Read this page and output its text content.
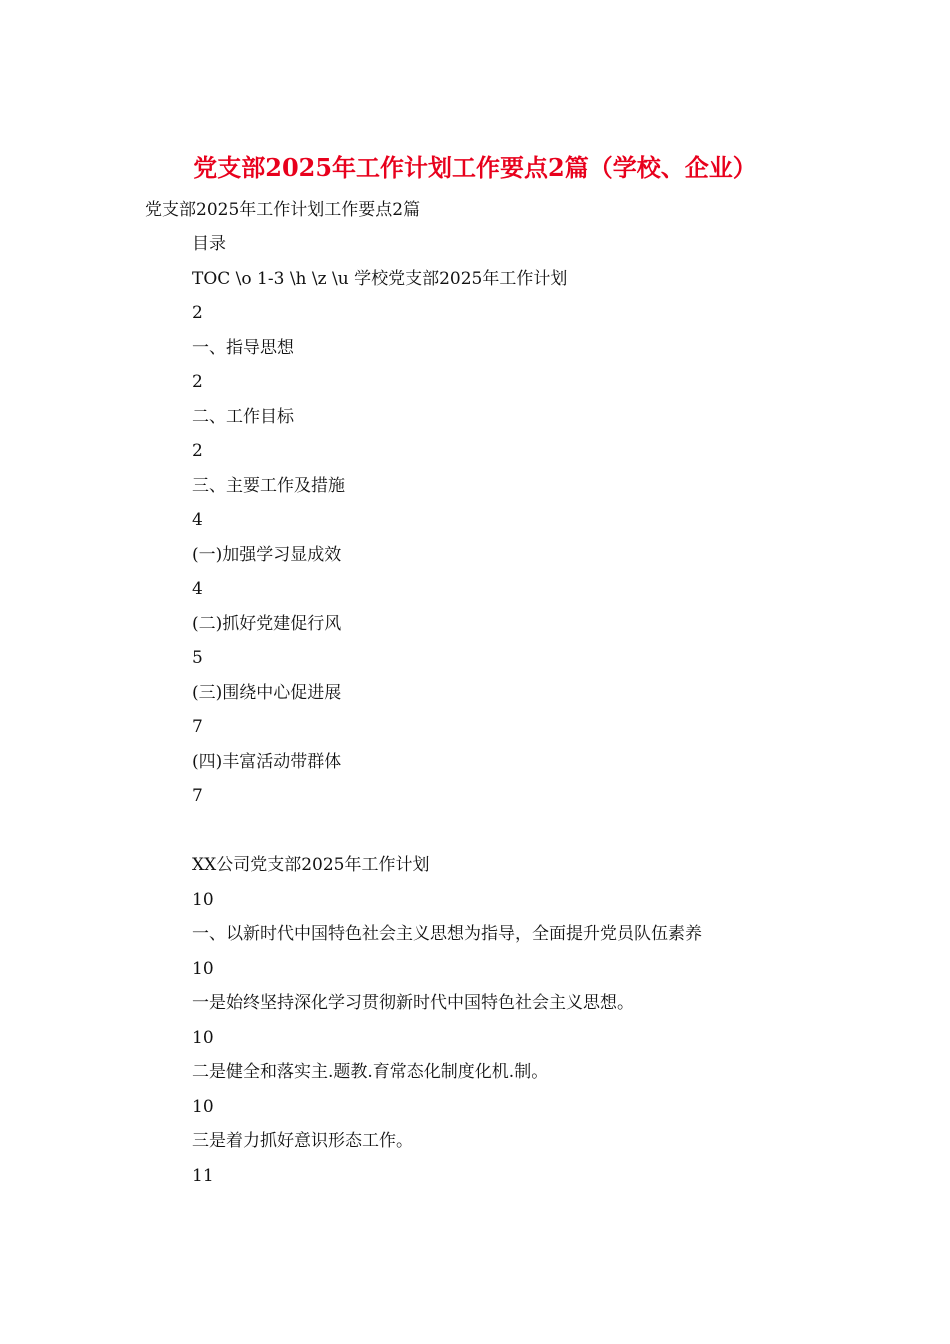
党支部2025年工作计划工作要点2篇（学校、企业）
党支部2025年工作计划工作要点2篇
目录
TOC \o 1-3 \h \z \u 学校党支部2025年工作计划
2
一、指导思想
2
二、工作目标
2
三、主要工作及措施
4
(一)加强学习显成效
4
(二)抓好党建促行风
5
(三)围绕中心促进展
7
(四)丰富活动带群体
7
XX公司党支部2025年工作计划
10
一、以新时代中国特色社会主义思想为指导，全面提升党员队伍素养
10
一是始终坚持深化学习贯彻新时代中国特色社会主义思想。
10
二是健全和落实主.题教.育常态化制度化机.制。
10
三是着力抓好意识形态工作。
11
